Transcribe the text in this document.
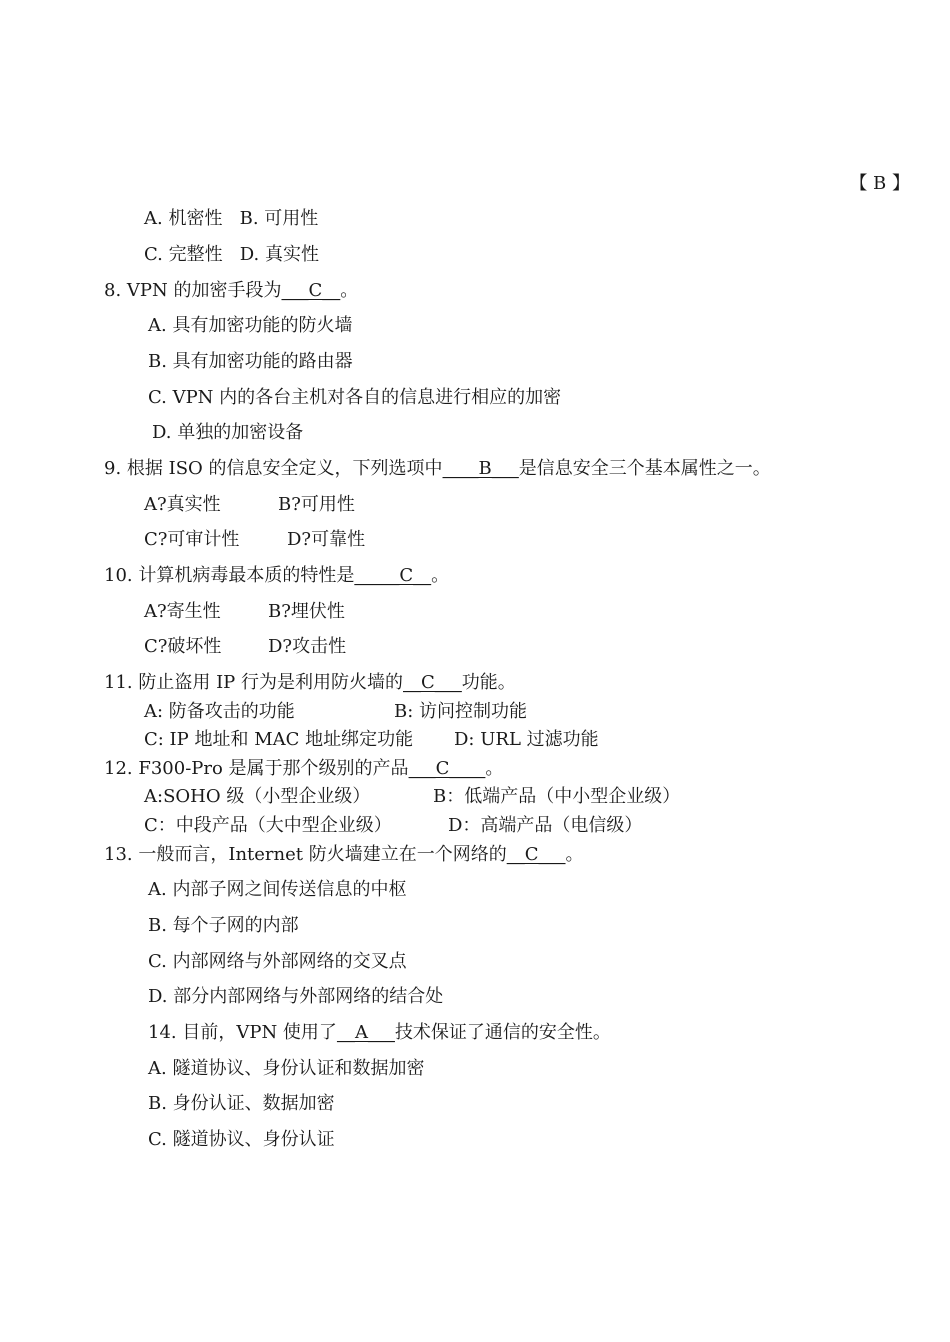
【 B 】
A. 机密性   B. 可用性
C. 完整性   D. 真实性
8. VPN 的加密手段为___C__。
A. 具有加密功能的防火墙
B. 具有加密功能的路由器
C. VPN 内的各台主机对各自的信息进行相应的加密
D. 单独的加密设备
9. 根据 ISO 的信息安全定义，下列选项中____B___是信息安全三个基本属性之一。
A?真实性	B?可用性
C?可审计性	D?可靠性
10. 计算机病毒最本质的特性是_____C__。
A?寄生性	B?埋伏性
C?破坏性	D?攻击性
11. 防止盗用 IP 行为是利用防火墙的__C___功能。
A: 防备攻击的功能	B: 访问控制功能
C: IP 地址和 MAC 地址绑定功能 D: URL 过滤功能
12. F300-Pro 是属于那个级别的产品___C____。
A:SOHO 级（小型企业级）	B：低端产品（中小型企业级）
C：中段产品（大中型企业级）	D：高端产品（电信级）
13. 一般而言，Internet 防火墙建立在一个网络的__C___。
A. 内部子网之间传送信息的中枢
B. 每个子网的内部
C. 内部网络与外部网络的交叉点
D. 部分内部网络与外部网络的结合处
14. 目前，VPN 使用了__A___技术保证了通信的安全性。
A. 隧道协议、身份认证和数据加密
B. 身份认证、数据加密
C. 隧道协议、身份认证
